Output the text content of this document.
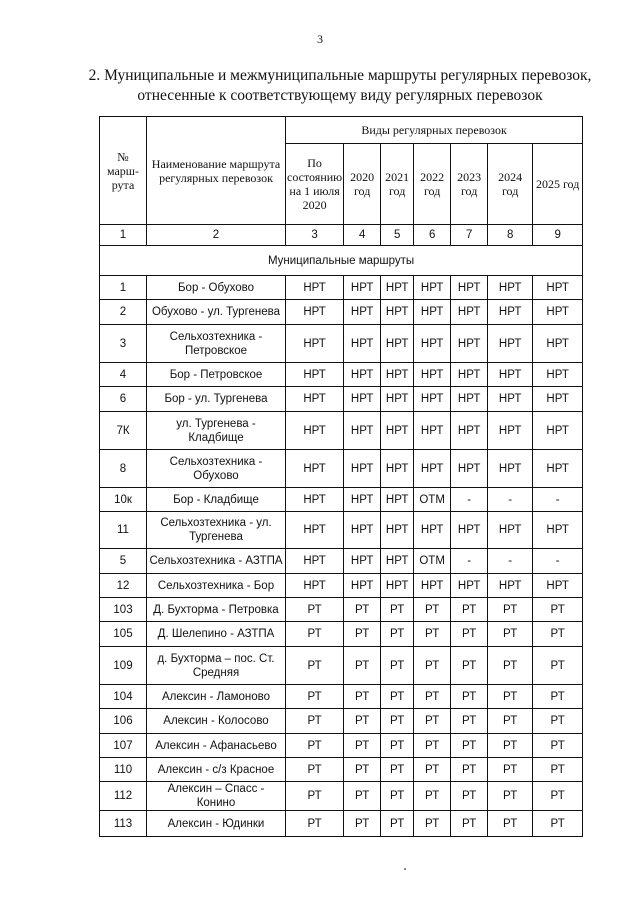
3
2. Муниципальные и межмуниципальные маршруты регулярных перевозок,
отнесенные к соответствующему виду регулярных перевозок
№ марш-рута	Наименование маршрута регулярных перевозок	Виды регулярных перевозок						
		По состоянию на 1 июля 2020	2020 год	2021 год	2022 год	2023 год	2024 год	2025 год
1	2	3	4	5	6	7	8	9
Муниципальные маршруты								
1	Бор - Обухово	НРТ	НРТ	НРТ	НРТ	НРТ	НРТ	НРТ
2	Обухово - ул. Тургенева	НРТ	НРТ	НРТ	НРТ	НРТ	НРТ	НРТ
3	Сельхозтехника - Петровское	НРТ	НРТ	НРТ	НРТ	НРТ	НРТ	НРТ
4	Бор - Петровское	НРТ	НРТ	НРТ	НРТ	НРТ	НРТ	НРТ
6	Бор - ул. Тургенева	НРТ	НРТ	НРТ	НРТ	НРТ	НРТ	НРТ
7К	ул. Тургенева - Кладбище	НРТ	НРТ	НРТ	НРТ	НРТ	НРТ	НРТ
8	Сельхозтехника - Обухово	НРТ	НРТ	НРТ	НРТ	НРТ	НРТ	НРТ
10к	Бор - Кладбище	НРТ	НРТ	НРТ	ОТМ	-	-	-
11	Сельхозтехника - ул. Тургенева	НРТ	НРТ	НРТ	НРТ	НРТ	НРТ	НРТ
5	Сельхозтехника - АЗТПА	НРТ	НРТ	НРТ	ОТМ	-	-	-
12	Сельхозтехника - Бор	НРТ	НРТ	НРТ	НРТ	НРТ	НРТ	НРТ
103	Д. Бухторма - Петровка	РТ	РТ	РТ	РТ	РТ	РТ	РТ
105	Д. Шелепино - АЗТПА	РТ	РТ	РТ	РТ	РТ	РТ	РТ
109	д. Бухторма – пос. Ст. Средняя	РТ	РТ	РТ	РТ	РТ	РТ	РТ
104	Алексин - Ламоново	РТ	РТ	РТ	РТ	РТ	РТ	РТ
106	Алексин - Колосово	РТ	РТ	РТ	РТ	РТ	РТ	РТ
107	Алексин - Афанасьево	РТ	РТ	РТ	РТ	РТ	РТ	РТ
110	Алексин - с/з Красное	РТ	РТ	РТ	РТ	РТ	РТ	РТ
112	Алексин – Спасс - Конино	РТ	РТ	РТ	РТ	РТ	РТ	РТ
113	Алексин - Юдинки	РТ	РТ	РТ	РТ	РТ	РТ	РТ
